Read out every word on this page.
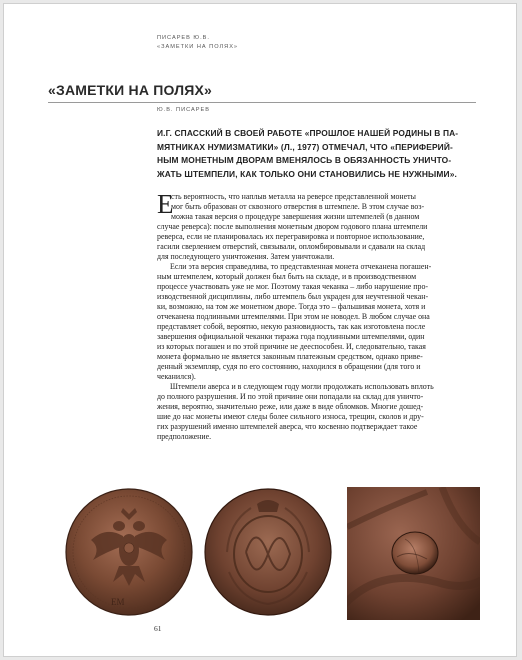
ПИСАРЕВ Ю.В.
«ЗАМЕТКИ НА ПОЛЯХ»
«ЗАМЕТКИ НА ПОЛЯХ»
Ю.В. ПИСАРЕВ
И.Г. СПАССКИЙ В СВОЕЙ РАБОТЕ «ПРОШЛОЕ НАШЕЙ РОДИНЫ В ПА-
МЯТНИКАХ НУМИЗМАТИКИ» (Л., 1977) ОТМЕЧАЛ, ЧТО «ПЕРИФЕРИЙ-
НЫМ МОНЕТНЫМ ДВОРАМ ВМЕНЯЛОСЬ В ОБЯЗАННОСТЬ УНИЧТО-
ЖАТЬ ШТЕМПЕЛИ, КАК ТОЛЬКО ОНИ СТАНОВИЛИСЬ НЕ НУЖНЫМИ».
Е
сть вероятность, что наплыв металла на реверсе представленной монеты
мог быть образован от сквозного отверстия в штемпеле. В этом случае воз-
можна такая версия о процедуре завершения жизни штемпелей (в данном
случае реверса): после выполнения монетным двором годового плана штемпели
реверса, если не планировалась их перегравировка и повторное использование,
гасили сверлением отверстий, связывали, опломбировывали и сдавали на склад
для последующего уничтожения. Затем уничтожали.
Если эта версия справедлива, то представленная монета отчеканена погашен-
ным штемпелем, который должен был быть на складе, и в производственном
процессе участвовать уже не мог. Поэтому такая чеканка – либо нарушение про-
изводственной дисциплины, либо штемпель был украден для неучтенной чекан-
ки, возможно, на том же монетном дворе. Тогда это – фальшивая монета, хотя и
отчеканена подлинными штемпелями. При этом не новодел. В любом случае она
представляет собой, вероятно, некую разновидность, так как изготовлена после
завершения официальной чеканки тиража года подлинными штемпелями, один
из которых погашен и по этой причине не дееспособен. И, следовательно, такая
монета формально не является законным платежным средством, однако приве-
денный экземпляр, судя по его состоянию, находился в обращении (для того и
чеканился).
Штемпели аверса и в следующем году могли продолжать использовать вплоть
до полного разрушения. И по этой причине они попадали на склад для уничто-
жения, вероятно, значительно реже, или даже в виде обломков. Многие дошед-
шие до нас монеты имеют следы более сильного износа, трещин, сколов и дру-
гих разрушений именно штемпелей аверса, что косвенно подтверждает такое
предположение.
ЕМ
61
